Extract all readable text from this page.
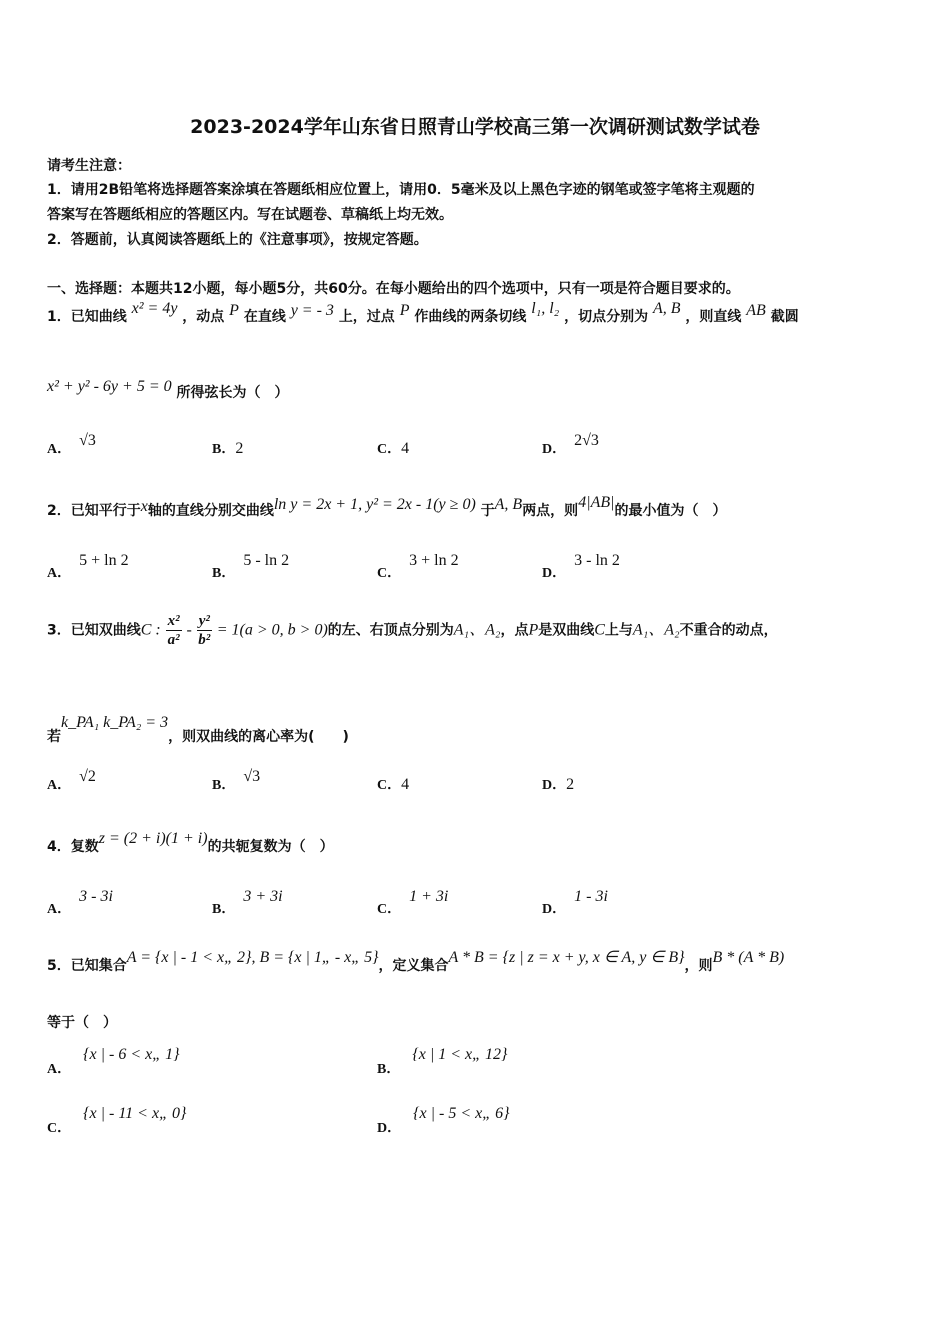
2023-2024学年山东省日照青山学校高三第一次调研测试数学试卷
请考生注意：
1．请用2B铅笔将选择题答案涂填在答题纸相应位置上，请用0．5毫米及以上黑色字迹的钢笔或签字笔将主观题的
答案写在答题纸相应的答题区内。写在试题卷、草稿纸上均无效。
2．答题前，认真阅读答题纸上的《注意事项》，按规定答题。
一、选择题：本题共12小题，每小题5分，共60分。在每小题给出的四个选项中，只有一项是符合题目要求的。
1．已知曲线 x² = 4y ，动点 P 在直线 y = - 3 上，过点 P 作曲线的两条切线 l₁, l₂ ，切点分别为 A, B ，则直线 AB 截圆
x² + y² - 6y + 5 = 0 所得弦长为（　）
A．√3
B．2	C．4	D．2√3
2．已知平行于x轴的直线分别交曲线ln y = 2x + 1, y² = 2x - 1(y ≥ 0) 于A, B两点，则4|AB|的最小值为（　）
A．5 + ln 2
B．5 - ln 2
C．3 + ln 2
D．3 - ln 2
3．已知双曲线C : $\frac{\text{x²}}{\text{a²}} - \frac{\text{y²}}{\text{b²}} = 1(a > 0$, b > 0)的左、右顶点分别为A₁、A₂，点P是双曲线C上与A₁、A₂不重合的动点，
若k_PA₁ k_PA₂ = 3，则双曲线的离心率为(　　)
A．√2
B．√3
C．4	D．2
4．复数z = (2 + i)(1 + i)的共轭复数为（　）
A．3 - 3i
B．3 + 3i
C．1 + 3i
D．1 - 3i
5．已知集合A = {x | - 1 < x„ 2}, B = {x | 1„ - x„ 5}，定义集合A * B = {z | z = x + y, x ∈ A, y ∈ B}，则B * (A * B)
等于（　）
A．{x | - 6 < x„ 1}
B．{x | 1 < x„ 12}
C．{x | - 11 < x„ 0}
D．{x | - 5 < x„ 6}
